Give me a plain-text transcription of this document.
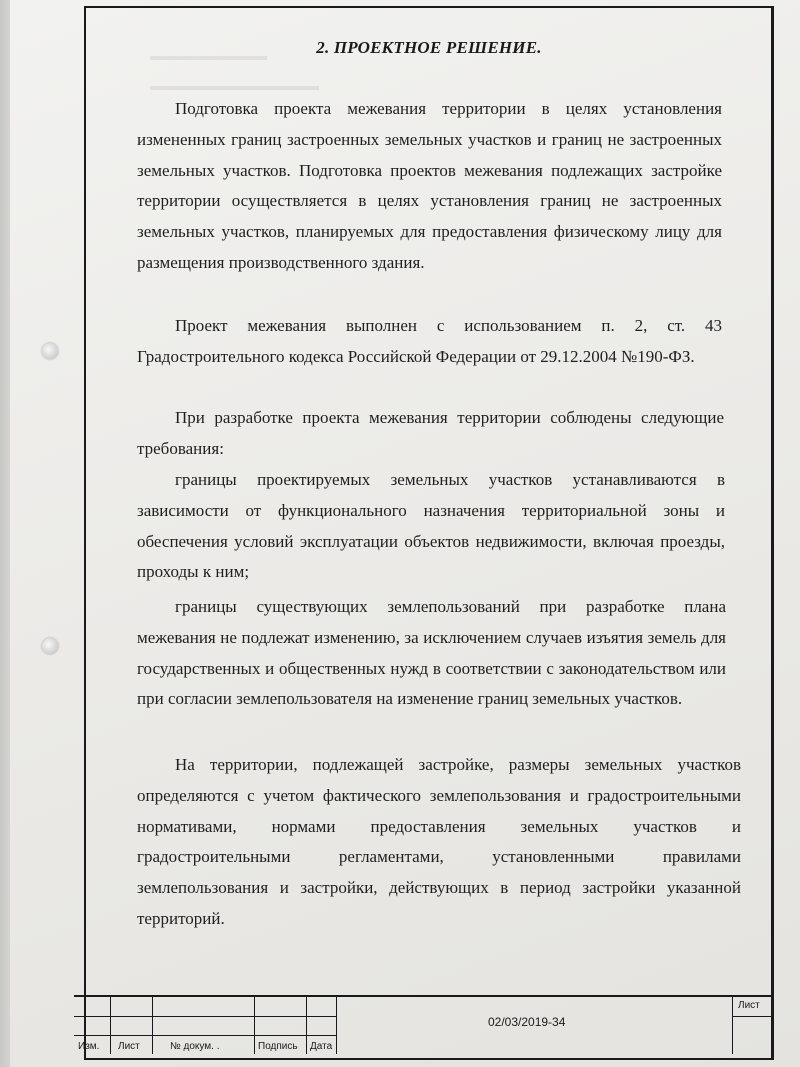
▬▬▬▬▬▬▬▬▬
▬▬▬▬▬▬▬▬▬▬▬▬▬
2. ПРОЕКТНОЕ РЕШЕНИЕ.

Подготовка проекта межевания территории в целях установления измененных границ застроенных земельных участков и границ не застроенных земельных участков. Подготовка проектов межевания подлежащих застройке территории осуществляется в целях установления границ не застроенных земельных участков, планируемых для предоставления физическому лицу для размещения производственного здания.

Проект межевания выполнен с использованием п. 2, ст. 43 Градостроительного кодекса Российской Федерации от 29.12.2004 №190-ФЗ.

При разработке проекта межевания территории соблюдены следующие требования:

границы проектируемых земельных участков устанавливаются в зависимости от функционального назначения территориальной зоны и обеспечения условий эксплуатации объектов недвижимости, включая проезды, проходы к ним;

границы существующих землепользований при разработке плана межевания не подлежат изменению, за исключением случаев изъятия земель для государственных и общественных нужд в соответствии с законодательством или при согласии землепользователя на изменение границ земельных участков.

На территории, подлежащей застройке, размеры земельных участков определяются с учетом фактического землепользования и градостроительными нормативами, нормами предоставления земельных участков и градостроительными регламентами, установленными правилами землепользования и застройки, действующих в период застройки указанной территорий.

Изм. Лист	№ докум. .	Подпись Дата
Лист
02/03/2019-34
